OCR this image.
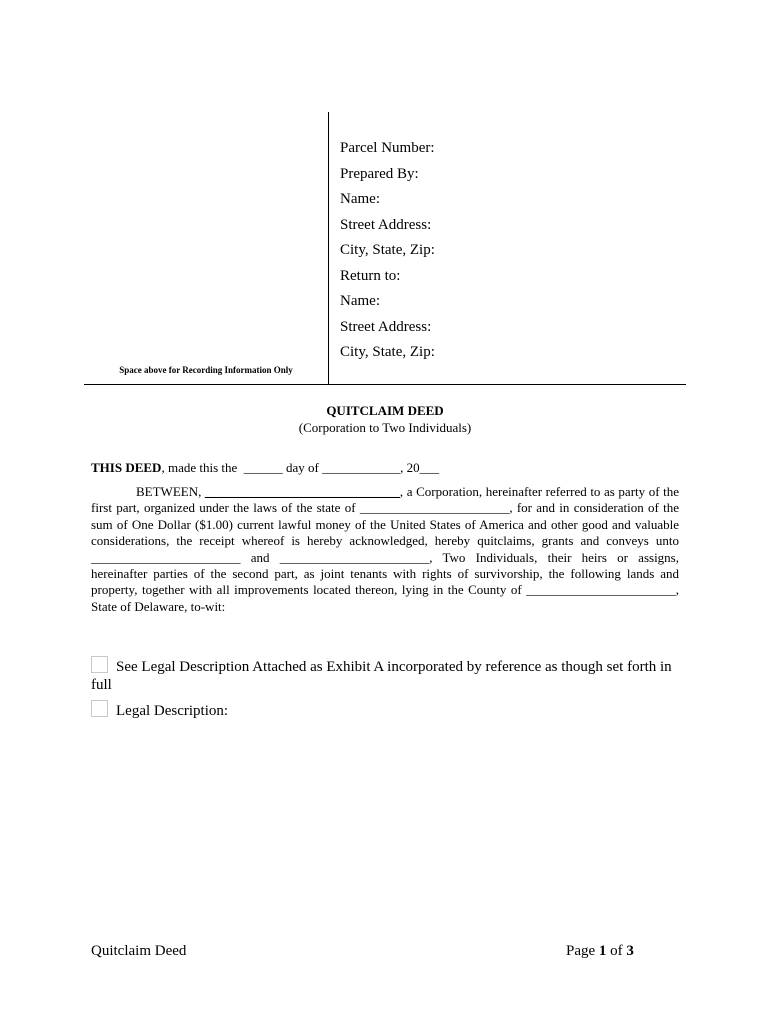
Space above for Recording Information Only
Parcel Number:
Prepared By:
Name:
Street Address:
City, State, Zip:
Return to:
Name:
Street Address:
City, State, Zip:
QUITCLAIM DEED
(Corporation to Two Individuals)
THIS DEED, made this the  ______ day of ____________, 20___
BETWEEN, ______________________________, a Corporation, hereinafter referred to as party of the first part, organized under the laws of the state of _______________________, for and in consideration of the sum of One Dollar ($1.00) current lawful money of the United States of America and other good and valuable considerations, the receipt whereof is hereby acknowledged, hereby quitclaims, grants and conveys unto _______________________ and _______________________, Two Individuals, their heirs or assigns, hereinafter parties of the second part, as joint tenants with rights of survivorship, the following lands and property, together with all improvements located thereon, lying in the County of _______________________, State of Delaware, to-wit:
See Legal Description Attached as Exhibit A incorporated by reference as though set forth in full
Legal Description:
Quitclaim Deed	Page 1 of 3
